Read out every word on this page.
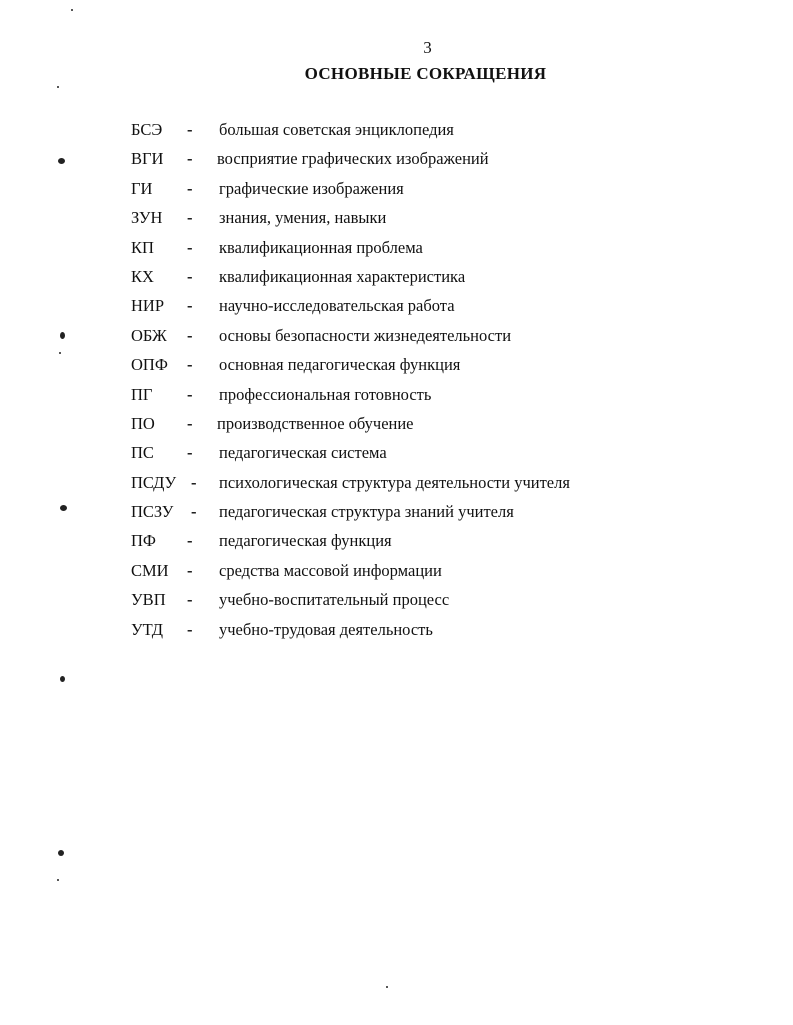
3
ОСНОВНЫЕ СОКРАЩЕНИЯ
БСЭ - большая советская энциклопедия
ВГИ - восприятие графических изображений
ГИ - графические изображения
ЗУН - знания, умения, навыки
КП - квалификационная проблема
КХ - квалификационная характеристика
НИР - научно-исследовательская работа
ОБЖ - основы безопасности жизнедеятельности
ОПФ - основная педагогическая функция
ПГ - профессиональная готовность
ПО - производственное обучение
ПС - педагогическая система
ПСДУ - психологическая структура деятельности учителя
ПСЗУ - педагогическая структура знаний учителя
ПФ - педагогическая функция
СМИ - средства массовой информации
УВП - учебно-воспитательный процесс
УТД - учебно-трудовая деятельность
